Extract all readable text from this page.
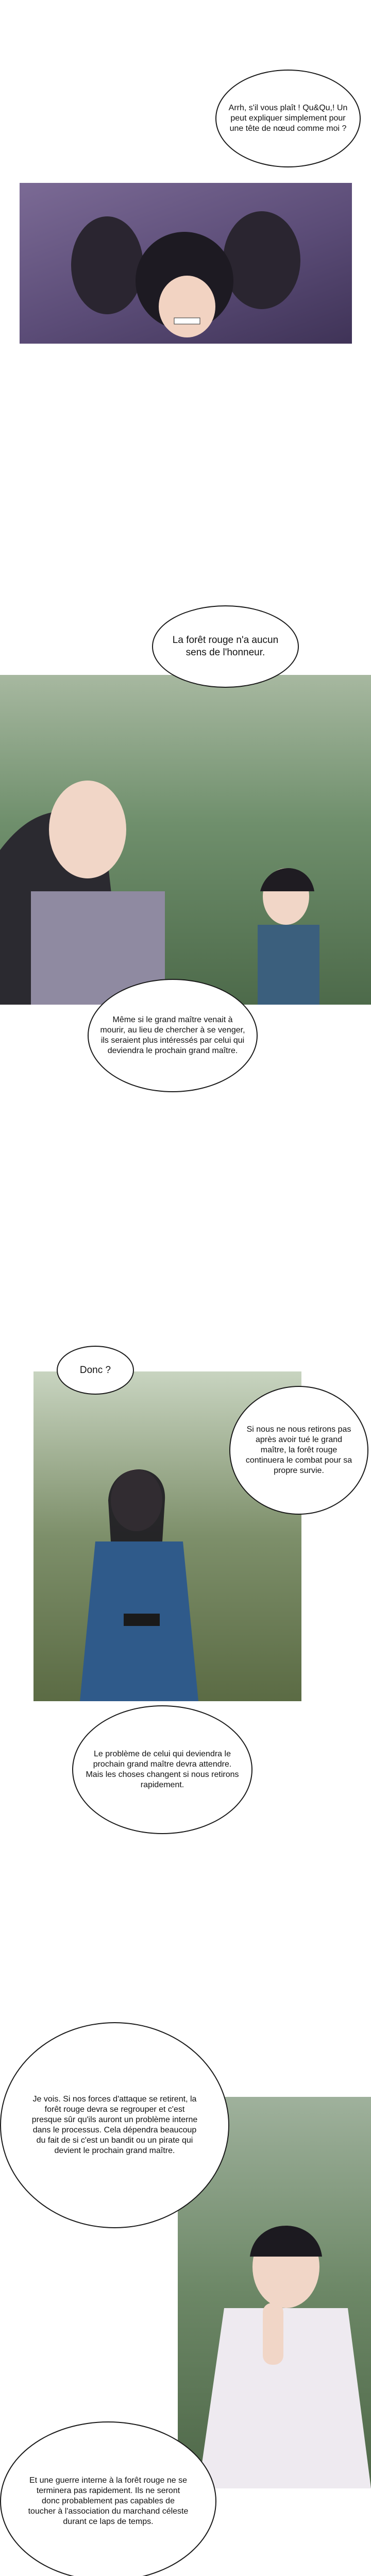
Arrh, s'il vous plaît ! Qu&Qu,! Un peut expliquer simplement pour une tête de nœud comme moi ?
La forêt rouge n'a aucun sens de l'honneur.
Même si le grand maître venait à mourir, au lieu de chercher à se venger, ils seraient plus intéressés par celui qui deviendra le prochain grand maître.
Donc ?
Si nous ne nous retirons pas après avoir tué le grand maître, la forêt rouge continuera le combat pour sa propre survie.
Le problème de celui qui deviendra le prochain grand maître devra attendre. Mais les choses changent si nous retirons rapidement.
Je vois. Si nos forces d'attaque se retirent, la forêt rouge devra se regrouper et c'est presque sûr qu'ils auront un problème interne dans le processus. Cela dépendra beaucoup du fait de si c'est un bandit ou un pirate qui devient le prochain grand maître.
Et une guerre interne à la forêt rouge ne se terminera pas rapidement. Ils ne seront donc probablement pas capables de toucher à l'association du marchand céleste durant ce laps de temps.
